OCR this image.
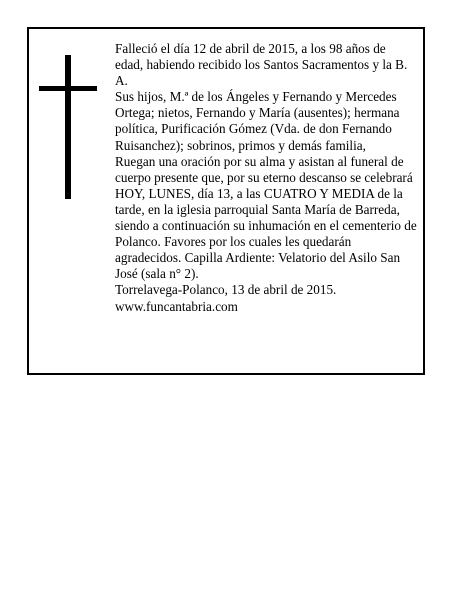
Falleció el día 12 de abril de 2015, a los 98 años de edad, habiendo recibido los Santos Sacramentos y la B. A.

Sus hijos, M.ª de los Ángeles y Fernando y Mercedes Ortega; nietos, Fernando y María (ausentes); hermana política, Purificación Gómez (Vda. de don Fernando Ruisanchez); sobrinos, primos y demás familia,

Ruegan una oración por su alma y asistan al funeral de cuerpo presente que, por su eterno descanso se celebrará HOY, LUNES, día 13, a las CUATRO Y MEDIA de la tarde, en la iglesia parroquial Santa María de Barreda, siendo a continuación su inhumación en el cementerio de Polanco. Favores por los cuales les quedarán agradecidos. Capilla Ardiente: Velatorio del Asilo San José (sala n° 2).

Torrelavega-Polanco, 13 de abril de 2015.

www.funcantabria.com
